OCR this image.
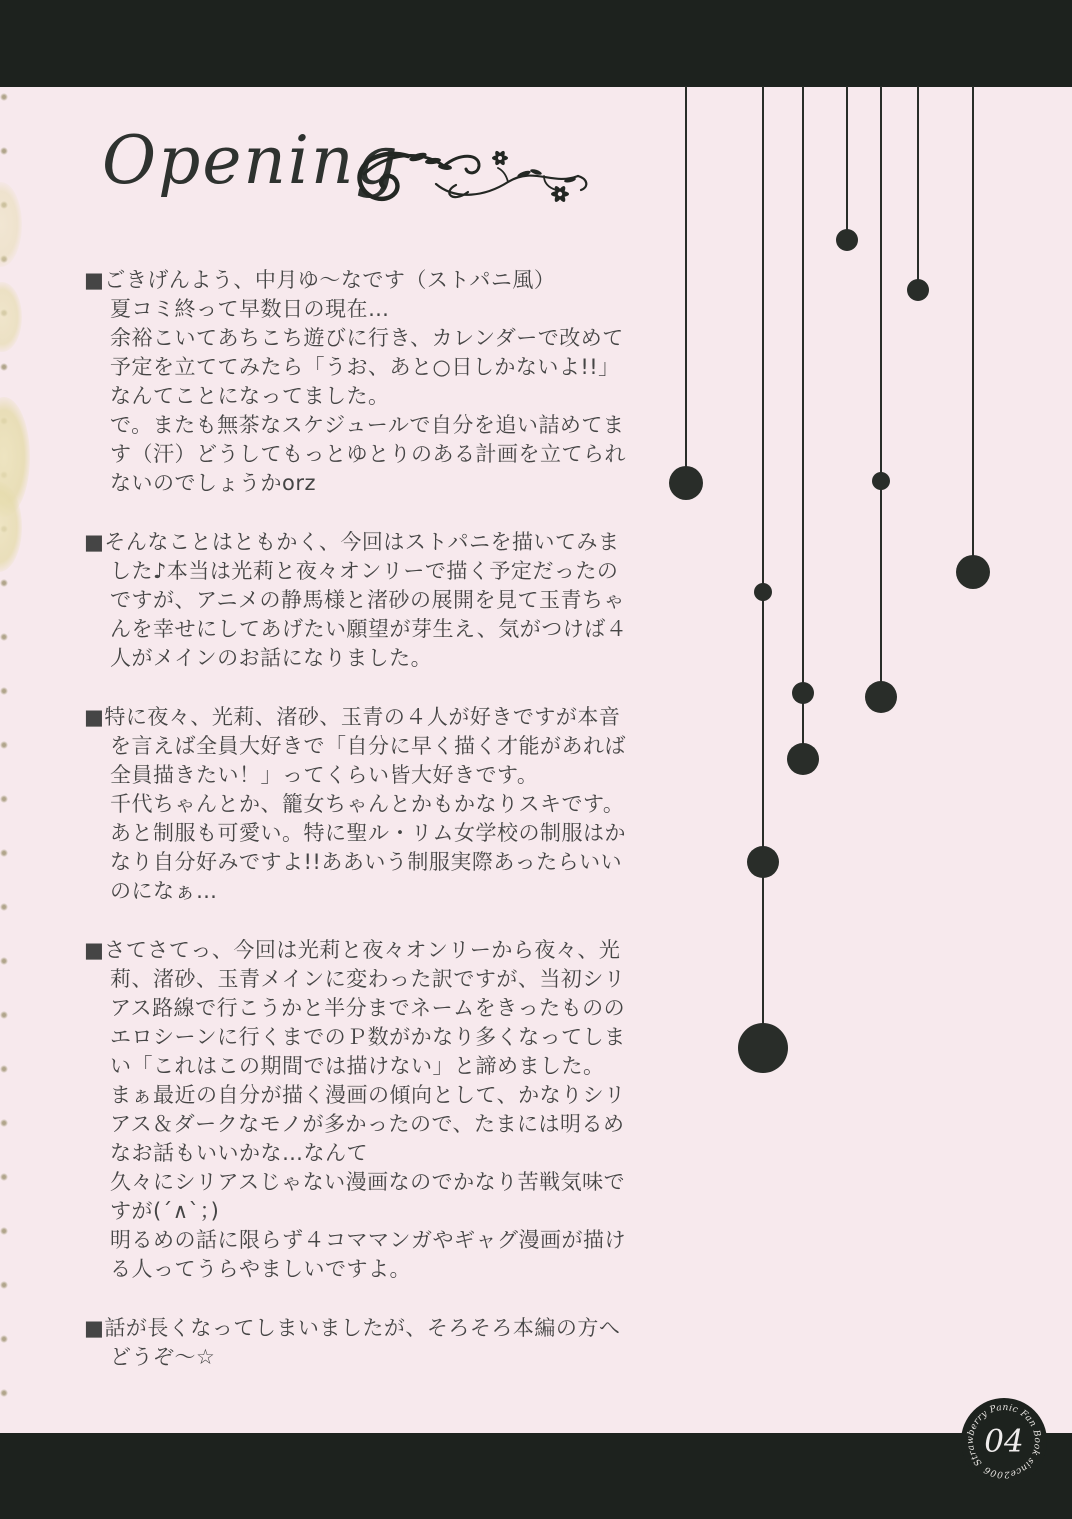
Opening
■ごきげんよう、中月ゆ〜なです（ストパニ風）
夏コミ終って早数日の現在…
余裕こいてあちこち遊びに行き、カレンダーで改めて
予定を立ててみたら「うお、あと○日しかないよ!!」
なんてことになってました。
で。またも無茶なスケジュールで自分を追い詰めてま
す（汗）どうしてもっとゆとりのある計画を立てられ
ないのでしょうかorz
■そんなことはともかく、今回はストパニを描いてみま
した♪本当は光莉と夜々オンリーで描く予定だったの
ですが、アニメの静馬様と渚砂の展開を見て玉青ちゃ
んを幸せにしてあげたい願望が芽生え、気がつけば４
人がメインのお話になりました。
■特に夜々、光莉、渚砂、玉青の４人が好きですが本音
を言えば全員大好きで「自分に早く描く才能があれば
全員描きたい！」ってくらい皆大好きです。
千代ちゃんとか、籠女ちゃんとかもかなりスキです。
あと制服も可愛い。特に聖ル・リム女学校の制服はか
なり自分好みですよ!!ああいう制服実際あったらいい
のになぁ…
■さてさてっ、今回は光莉と夜々オンリーから夜々、光
莉、渚砂、玉青メインに変わった訳ですが、当初シリ
アス路線で行こうかと半分までネームをきったものの
エロシーンに行くまでのＰ数がかなり多くなってしま
い「これはこの期間では描けない」と諦めました。
まぁ最近の自分が描く漫画の傾向として、かなりシリ
アス＆ダークなモノが多かったので、たまには明るめ
なお話もいいかな…なんて
久々にシリアスじゃない漫画なのでかなり苦戦気味で
すが(´∧`；)
明るめの話に限らず４コママンガやギャグ漫画が描け
る人ってうらやましいですよ。
■話が長くなってしまいましたが、そろそろ本編の方へ
どうぞ〜☆
Strawberry Panic Fan Book since2006
04
